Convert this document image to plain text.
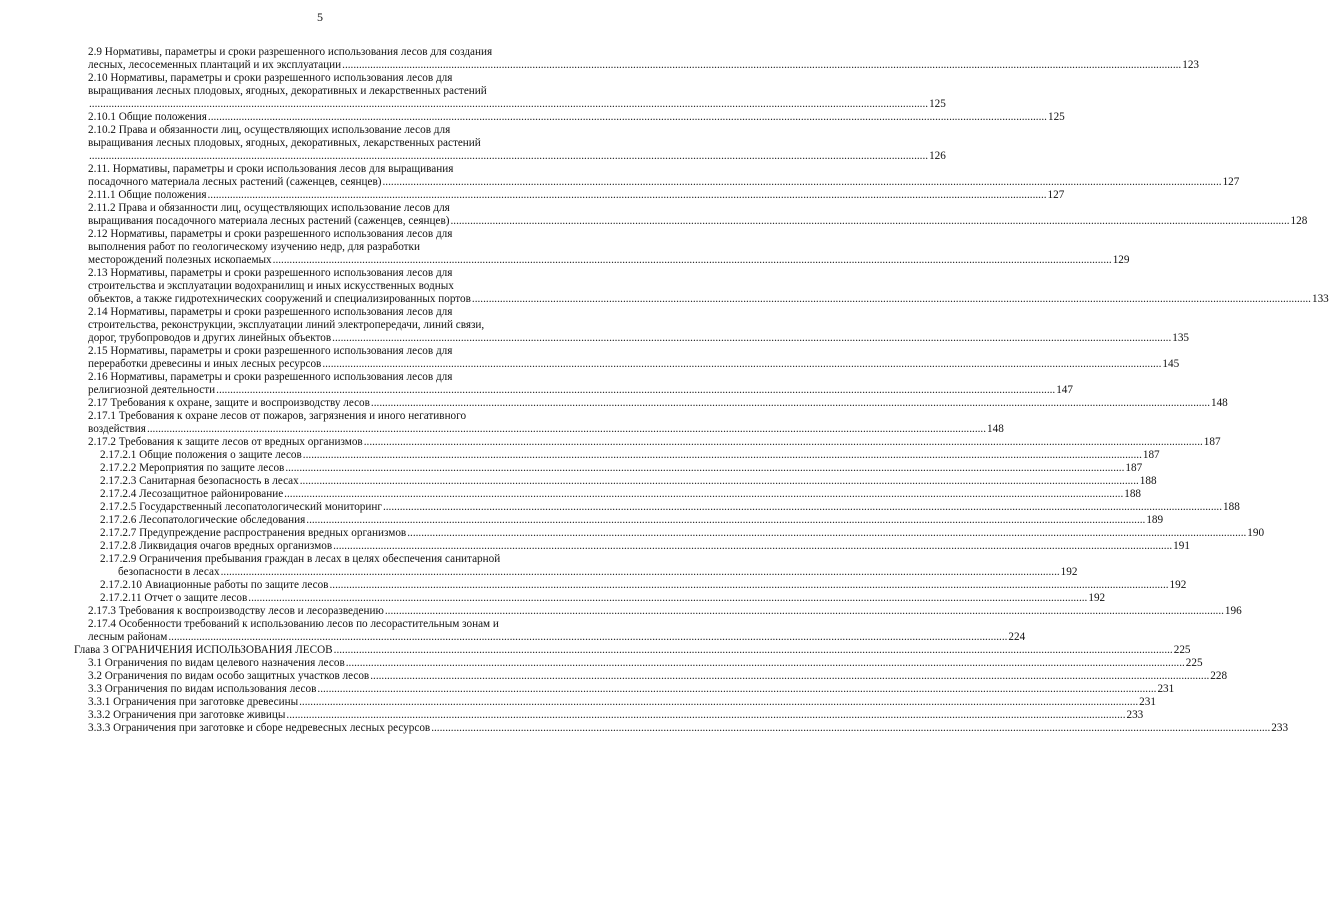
5
2.9 Нормативы, параметры и сроки разрешенного использования лесов для создания
лесных, лесосеменных плантаций и их эксплуатации ............................................................................................................................................................................................................................................................................................................ 123
2.10 Нормативы, параметры и сроки разрешенного использования лесов для
выращивания лесных плодовых, ягодных, декоративных и лекарственных растений
............................................................................................................................................................................................................................................................................................................ 125
2.10.1 Общие положения ............................................................................................................................................................................................................................................................................................................ 125
2.10.2 Права и обязанности лиц, осуществляющих использование лесов для
выращивания лесных плодовых, ягодных, декоративных, лекарственных растений
............................................................................................................................................................................................................................................................................................................ 126
2.11. Нормативы, параметры и сроки использования лесов для выращивания
посадочного материала лесных растений (саженцев, сеянцев) ............................................................................................................................................................................................................................................................................................................ 127
2.11.1 Общие положения ............................................................................................................................................................................................................................................................................................................ 127
2.11.2 Права и обязанности лиц, осуществляющих использование лесов для
выращивания посадочного материала лесных растений (саженцев, сеянцев) ............................................................................................................................................................................................................................................................................................................ 128
2.12 Нормативы, параметры и сроки разрешенного использования лесов для
выполнения работ по геологическому изучению недр, для разработки
месторождений полезных ископаемых ............................................................................................................................................................................................................................................................................................................ 129
2.13 Нормативы, параметры и сроки разрешенного использования лесов для
строительства и эксплуатации водохранилищ и иных искусственных водных
объектов, а также гидротехнических сооружений и специализированных портов ............................................................................................................................................................................................................................................................................................................ 133
2.14 Нормативы, параметры и сроки разрешенного использования лесов для
строительства, реконструкции, эксплуатации линий электропередачи, линий связи,
дорог, трубопроводов и других линейных объектов ............................................................................................................................................................................................................................................................................................................ 135
2.15 Нормативы, параметры и сроки разрешенного использования лесов для
переработки древесины и иных лесных ресурсов ............................................................................................................................................................................................................................................................................................................ 145
2.16 Нормативы, параметры и сроки разрешенного использования лесов для
религиозной деятельности ............................................................................................................................................................................................................................................................................................................ 147
2.17 Требования к охране, защите и воспроизводству лесов ............................................................................................................................................................................................................................................................................................................ 148
2.17.1 Требования к охране лесов от пожаров, загрязнения и иного негативного
воздействия ............................................................................................................................................................................................................................................................................................................ 148
2.17.2 Требования к защите лесов от вредных организмов ............................................................................................................................................................................................................................................................................................................ 187
2.17.2.1 Общие положения о защите лесов ............................................................................................................................................................................................................................................................................................................ 187
2.17.2.2 Мероприятия по защите лесов ............................................................................................................................................................................................................................................................................................................ 187
2.17.2.3 Санитарная безопасность в лесах ............................................................................................................................................................................................................................................................................................................ 188
2.17.2.4 Лесозащитное районирование ............................................................................................................................................................................................................................................................................................................ 188
2.17.2.5 Государственный лесопатологический мониторинг ............................................................................................................................................................................................................................................................................................................ 188
2.17.2.6 Лесопатологические обследования ............................................................................................................................................................................................................................................................................................................ 189
2.17.2.7 Предупреждение распространения вредных организмов ............................................................................................................................................................................................................................................................................................................ 190
2.17.2.8 Ликвидация очагов вредных организмов ............................................................................................................................................................................................................................................................................................................ 191
2.17.2.9 Ограничения пребывания граждан в лесах в целях обеспечения санитарной
безопасности в лесах ............................................................................................................................................................................................................................................................................................................ 192
2.17.2.10 Авиационные работы по защите лесов ............................................................................................................................................................................................................................................................................................................ 192
2.17.2.11 Отчет о защите лесов ............................................................................................................................................................................................................................................................................................................ 192
2.17.3 Требования к воспроизводству лесов и лесоразведению ............................................................................................................................................................................................................................................................................................................ 196
2.17.4 Особенности требований к использованию лесов по лесорастительным зонам и
лесным районам ............................................................................................................................................................................................................................................................................................................ 224
Глава 3 ОГРАНИЧЕНИЯ ИСПОЛЬЗОВАНИЯ ЛЕСОВ ............................................................................................................................................................................................................................................................................................................ 225
3.1 Ограничения по видам целевого назначения лесов ............................................................................................................................................................................................................................................................................................................ 225
3.2 Ограничения по видам особо защитных участков лесов ............................................................................................................................................................................................................................................................................................................ 228
3.3 Ограничения по видам использования лесов ............................................................................................................................................................................................................................................................................................................ 231
3.3.1 Ограничения при заготовке древесины ............................................................................................................................................................................................................................................................................................................ 231
3.3.2 Ограничения при заготовке живицы ............................................................................................................................................................................................................................................................................................................ 233
3.3.3 Ограничения при заготовке и сборе недревесных лесных ресурсов ............................................................................................................................................................................................................................................................................................................ 233
